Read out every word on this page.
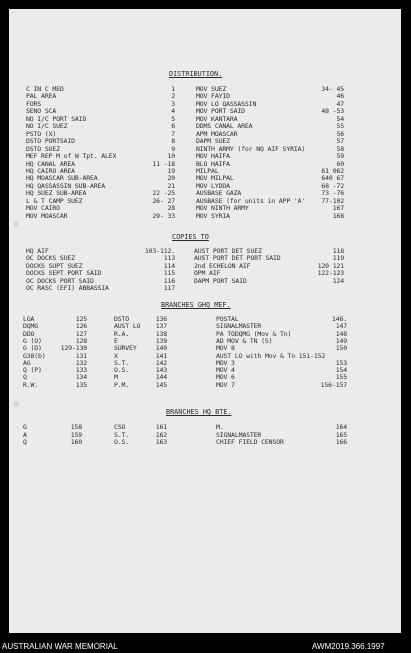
DISTRIBUTION.
C IN C MED
PAL AREA
FORS
SENO SCA
NO I/C PORT SAID
NO I/C SUEZ
PSTO (X)
DSTO PORTSAID
DSTO SUEZ
MEF REP M of W Tpt. ALEX
HQ CANAL AREA
HQ CAIRO AREA
HQ MOASCAR SUB-AREA
HQ QASSASSIN SUB-AREA
HQ SUEZ SUB-AREA
L & T CAMP SUEZ
MOV CAIRO
MOV MOASCAR
1
2
3
4
5
6
7
8
9
10
11 -18
19
20
21
22 -25
26- 27
28
29- 33
MOV SUEZ
MOV FAYID
MOV LO QASSASSIN
MOV PORT SAID
MOV KANTARA
DDMS CANAL AREA
APM MOASCAR
DAPM SUEZ
NINTH ARMY (for NQ AIF SYRIA)
MOV HAIFA
BLO HAIFA
MILPAL
MOV MILPAL
MOV LYDDA
AUSBASE GAZA
AUSBASE (for units in APP 'A'
MOV NINTH ARMY
MOV SYRIA
34- 45
46
47
48 -53
54
55
56
57
58
59
60
61 062
640 67
68 -72
73 -76
77-102
167
168
COPIES TO
HQ AIF
OC DOCKS SUEZ
DOCKS SUPT SUEZ
DOCKS SEPT PORT SAID
OC DOCKS PORT SAID
OC RASC (EFI) ABBASSIA
103-112.
113
114
115
116
117
AUST PORT DET SUEZ
AUST PORT DET PORT SAID
2nd ECHELON AIF
OPM AIF
DAPM PORT SAID
118
119
120 121
122-123
124
BRANCHES GHQ MEF.
LGA
DQMG
DDO
G (O)
G (D)
G38(b)
AG
Q (P)
Q
R.W.
125
126
127
128
129-130
131
132
133
134
135
DSTO
AUST LO
R.A.
E
SURVEY
X
S.T.
O.S.
M
P.M.
136
137
138
139
140
141
142
143
144
145
POSTAL
SIGNALMASTER
PA TODQMG (Mov & Tn)
AD MOV & TN (S)
MOV 8
AUST LO with Mov & Tn 151-152
MOV 3
MOV 4
MOV 6
MOV 7
146.
147
148
149
150
153
154
155
156-157
BRANCHES HQ BTE.
G
A
Q
158
159
160
CSO
S.T.
O.S.
161
162
163
M.
SIGNALMASTER
CHIEF FIELD CENSOR
164
165
166
AUSTRALIAN WAR MEMORIAL	AWM2019.366.1997
